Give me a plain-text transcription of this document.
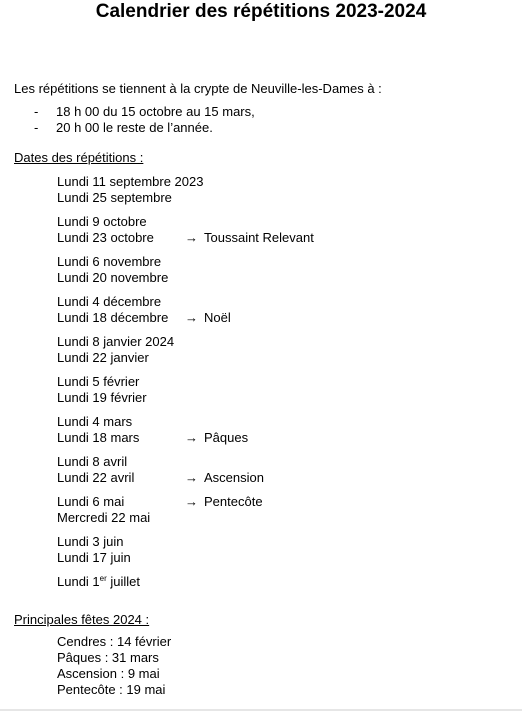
Calendrier des répétitions 2023-2024
Les répétitions se tiennent à la crypte de Neuville-les-Dames à :
-	18 h 00 du 15 octobre au 15 mars,
-	20 h 00 le reste de l’année.
Dates des répétitions :
Lundi 11 septembre 2023
Lundi 25 septembre
Lundi 9 octobre
Lundi 23 octobre → Toussaint Relevant
Lundi 6 novembre
Lundi 20 novembre
Lundi 4 décembre
Lundi 18 décembre → Noël
Lundi 8 janvier 2024
Lundi 22 janvier
Lundi 5 février
Lundi 19 février
Lundi 4 mars
Lundi 18 mars	→ Pâques
Lundi 8 avril
Lundi 22 avril	→ Ascension
Lundi 6 mai	→ Pentecôte
Mercredi 22 mai
Lundi 3 juin
Lundi 17 juin
Lundi 1er juillet
Principales fêtes 2024 :
Cendres : 14 février
Pâques : 31 mars
Ascension : 9 mai
Pentecôte : 19 mai
